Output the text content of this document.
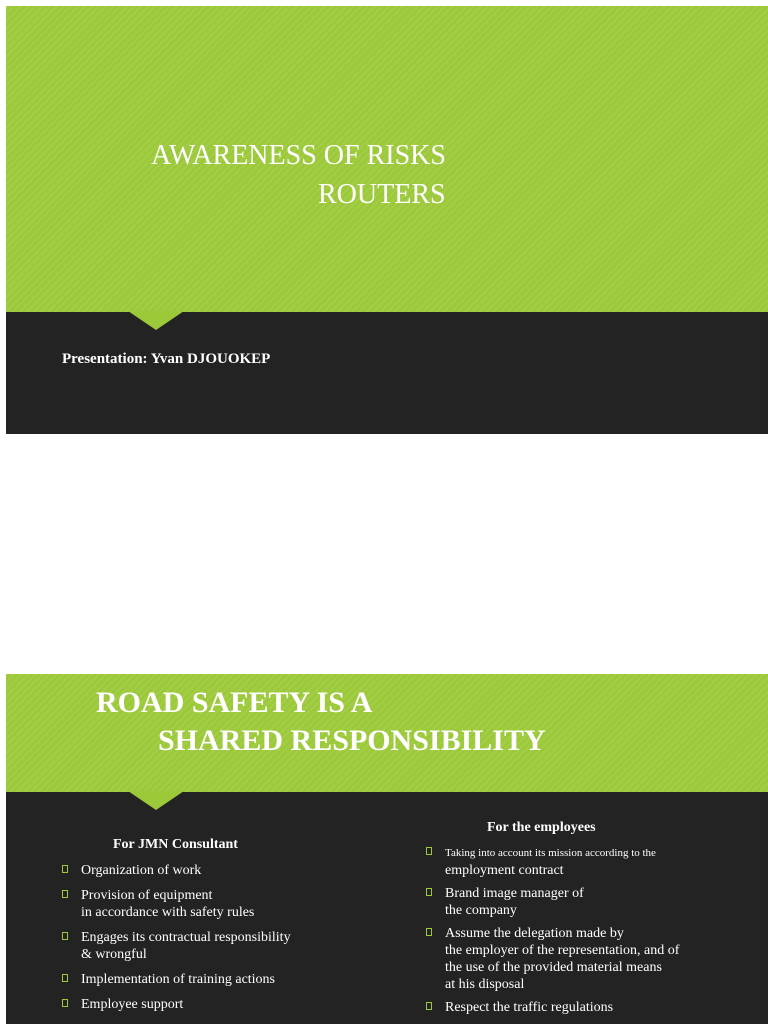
AWARENESS OF RISKS
ROUTERS
Presentation: Yvan DJOUOKEP
ROAD SAFETY IS A
SHARED RESPONSIBILITY
For JMN Consultant
Organization of work
Provision of equipment
in accordance with safety rules
Engages its contractual responsibility
& wrongful
Implementation of training actions
Employee support
For the employees
Taking into account its mission according to the
employment contract
Brand image manager of
the company
Assume the delegation made by
the employer of the representation, and of
the use of the provided material means
at his disposal
Respect the traffic regulations
